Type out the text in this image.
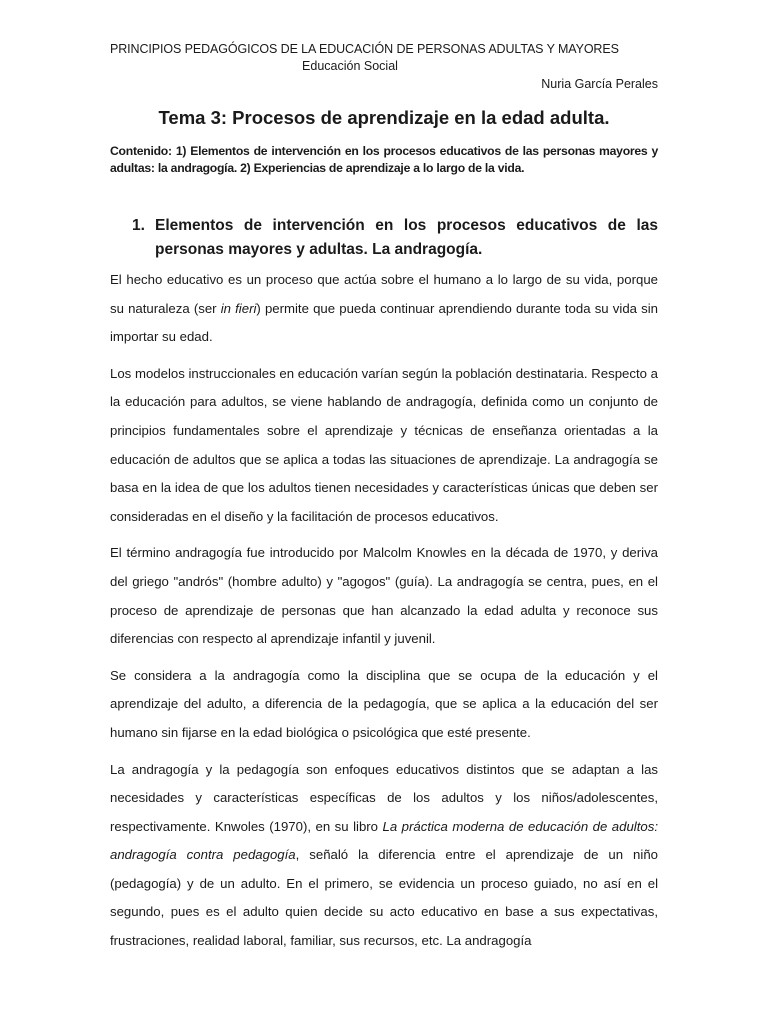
PRINCIPIOS PEDAGÓGICOS DE LA EDUCACIÓN DE PERSONAS ADULTAS Y MAYORES
Educación Social
Nuria García Perales
Tema 3: Procesos de aprendizaje en la edad adulta.
Contenido: 1) Elementos de intervención en los procesos educativos de las personas mayores y adultas: la andragogía. 2) Experiencias de aprendizaje a lo largo de la vida.
1. Elementos de intervención en los procesos educativos de las personas mayores y adultas. La andragogía.

El hecho educativo es un proceso que actúa sobre el humano a lo largo de su vida, porque su naturaleza (ser in fieri) permite que pueda continuar aprendiendo durante toda su vida sin importar su edad.

Los modelos instruccionales en educación varían según la población destinataria. Respecto a la educación para adultos, se viene hablando de andragogía, definida como un conjunto de principios fundamentales sobre el aprendizaje y técnicas de enseñanza orientadas a la educación de adultos que se aplica a todas las situaciones de aprendizaje. La andragogía se basa en la idea de que los adultos tienen necesidades y características únicas que deben ser consideradas en el diseño y la facilitación de procesos educativos.

El término andragogía fue introducido por Malcolm Knowles en la década de 1970, y deriva del griego "andrós" (hombre adulto) y "agogos" (guía). La andragogía se centra, pues, en el proceso de aprendizaje de personas que han alcanzado la edad adulta y reconoce sus diferencias con respecto al aprendizaje infantil y juvenil.

Se considera a la andragogía como la disciplina que se ocupa de la educación y el aprendizaje del adulto, a diferencia de la pedagogía, que se aplica a la educación del ser humano sin fijarse en la edad biológica o psicológica que esté presente.

La andragogía y la pedagogía son enfoques educativos distintos que se adaptan a las necesidades y características específicas de los adultos y los niños/adolescentes, respectivamente. Knwoles (1970), en su libro La práctica moderna de educación de adultos: andragogía contra pedagogía, señaló la diferencia entre el aprendizaje de un niño (pedagogía) y de un adulto. En el primero, se evidencia un proceso guiado, no así en el segundo, pues es el adulto quien decide su acto educativo en base a sus expectativas, frustraciones, realidad laboral, familiar, sus recursos, etc. La andragogía
